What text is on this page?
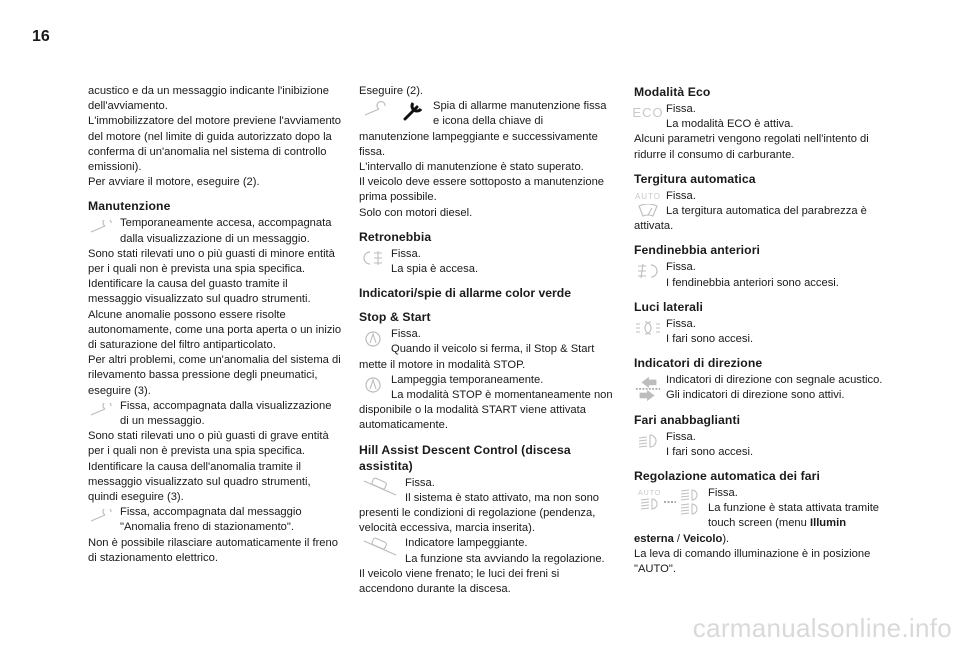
16

acustico e da un messaggio indicante l'inibizione dell'avviamento.

L'immobilizzatore del motore previene l'avviamento del motore (nel limite di guida autorizzato dopo la conferma di un'anomalia nel sistema di controllo emissioni).

Per avviare il motore, eseguire (2).

Manutenzione

Temporaneamente accesa, accompagnata dalla visualizzazione di un messaggio.

Sono stati rilevati uno o più guasti di minore entità per i quali non è prevista una spia specifica.

Identificare la causa del guasto tramite il messaggio visualizzato sul quadro strumenti.

Alcune anomalie possono essere risolte autonomamente, come una porta aperta o un inizio di saturazione del filtro antiparticolato.

Per altri problemi, come un'anomalia del sistema di rilevamento bassa pressione degli pneumatici, eseguire (3).

Fissa, accompagnata dalla visualizzazione di un messaggio.

Sono stati rilevati uno o più guasti di grave entità per i quali non è prevista una spia specifica.

Identificare la causa dell'anomalia tramite il messaggio visualizzato sul quadro strumenti, quindi eseguire (3).

Fissa, accompagnata dal messaggio "Anomalia freno di stazionamento".

Non è possibile rilasciare automaticamente il freno di stazionamento elettrico.

Eseguire (2).

Spia di allarme manutenzione fissa e icona della chiave di manutenzione lampeggiante e successivamente fissa.

L'intervallo di manutenzione è stato superato.

Il veicolo deve essere sottoposto a manutenzione prima possibile.

Solo con motori diesel.

Retronebbia

Fissa.

La spia è accesa.

Indicatori/spie di allarme color verde
Stop & Start

Fissa.

Quando il veicolo si ferma, il Stop & Start mette il motore in modalità STOP.

Lampeggia temporaneamente.

La modalità STOP è momentaneamente non disponibile o la modalità START viene attivata automaticamente.

Hill Assist Descent Control (discesa assistita)

Fissa.

Il sistema è stato attivato, ma non sono presenti le condizioni di regolazione (pendenza, velocità eccessiva, marcia inserita).

Indicatore lampeggiante.

La funzione sta avviando la regolazione.

Il veicolo viene frenato; le luci dei freni si accendono durante la discesa.

Modalità Eco
ECO Fissa.

La modalità ECO è attiva.

Alcuni parametri vengono regolati nell'intento di ridurre il consumo di carburante.

Tergitura automatica
AUTO Fissa.

La tergitura automatica del parabrezza è attivata.

Fendinebbia anteriori

Fissa.

I fendinebbia anteriori sono accesi.

Luci laterali

Fissa.

I fari sono accesi.

Indicatori di direzione

Indicatori di direzione con segnale acustico.

Gli indicatori di direzione sono attivi.

Fari anabbaglianti

Fissa.

I fari sono accesi.

Regolazione automatica dei fari
AUTO	Fissa.

La funzione è stata attivata tramite touch screen (menu Illumin esterna / Veicolo).

La leva di comando illuminazione è in posizione "AUTO".

carmanualsonline.info
